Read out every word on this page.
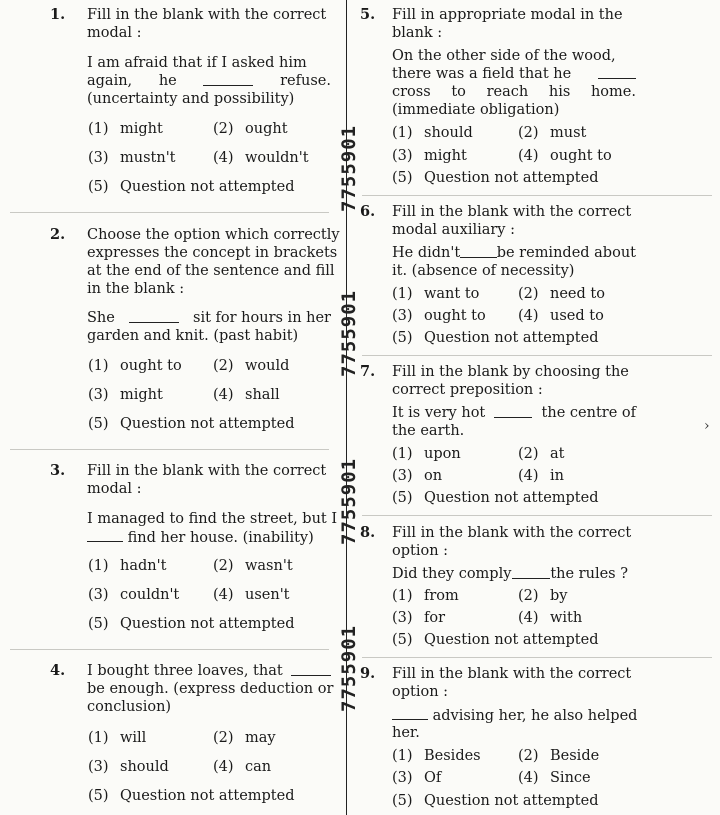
7755901
7755901
7755901
7755901
1. Fill in the blank with the correct
modal :
I am afraid that if I asked him
again, he	refuse.
(uncertainty and possibility)
(1) might	(2) ought
(3) mustn't	(4) wouldn't
(5) Question not attempted
2. Choose the option which correctly
expresses the concept in brackets
at the end of the sentence and fill
in the blank :
She	sit for hours in her
garden and knit. (past habit)
(1) ought to (2) would
(3) might	(4) shall
(5) Question not attempted
3. Fill in the blank with the correct
modal :
I managed to find the street, but I
find her house. (inability)
(1) hadn't	(2) wasn't
(3) couldn't (4) usen't
(5) Question not attempted
4. I bought three loaves, that
be enough. (express deduction or
conclusion)
(1) will	(2) may
(3) should	(4) can
(5) Question not attempted
5. Fill in appropriate modal in the
blank :
On the other side of the wood,
there was a field that he
cross to reach his home.
(immediate obligation)
(1) should	(2) must
(3) might	(4) ought to
(5) Question not attempted
6. Fill in the blank with the correct
modal auxiliary :
He didn't	be reminded about
it. (absence of necessity)
(1) want to	(2) need to
(3) ought to (4) used to
(5) Question not attempted
7. Fill in the blank by choosing the
correct preposition :
It is very hot	the centre of
the earth.
(1) upon	(2) at
(3) on	(4) in
(5) Question not attempted
8. Fill in the blank with the correct
option :
Did they comply	the rules ?
(1) from	(2) by
(3) for	(4) with
(5) Question not attempted
9. Fill in the blank with the correct
option :
advising her, he also helped
her.
(1) Besides	(2) Beside
(3) Of	(4) Since
(5) Question not attempted
›
